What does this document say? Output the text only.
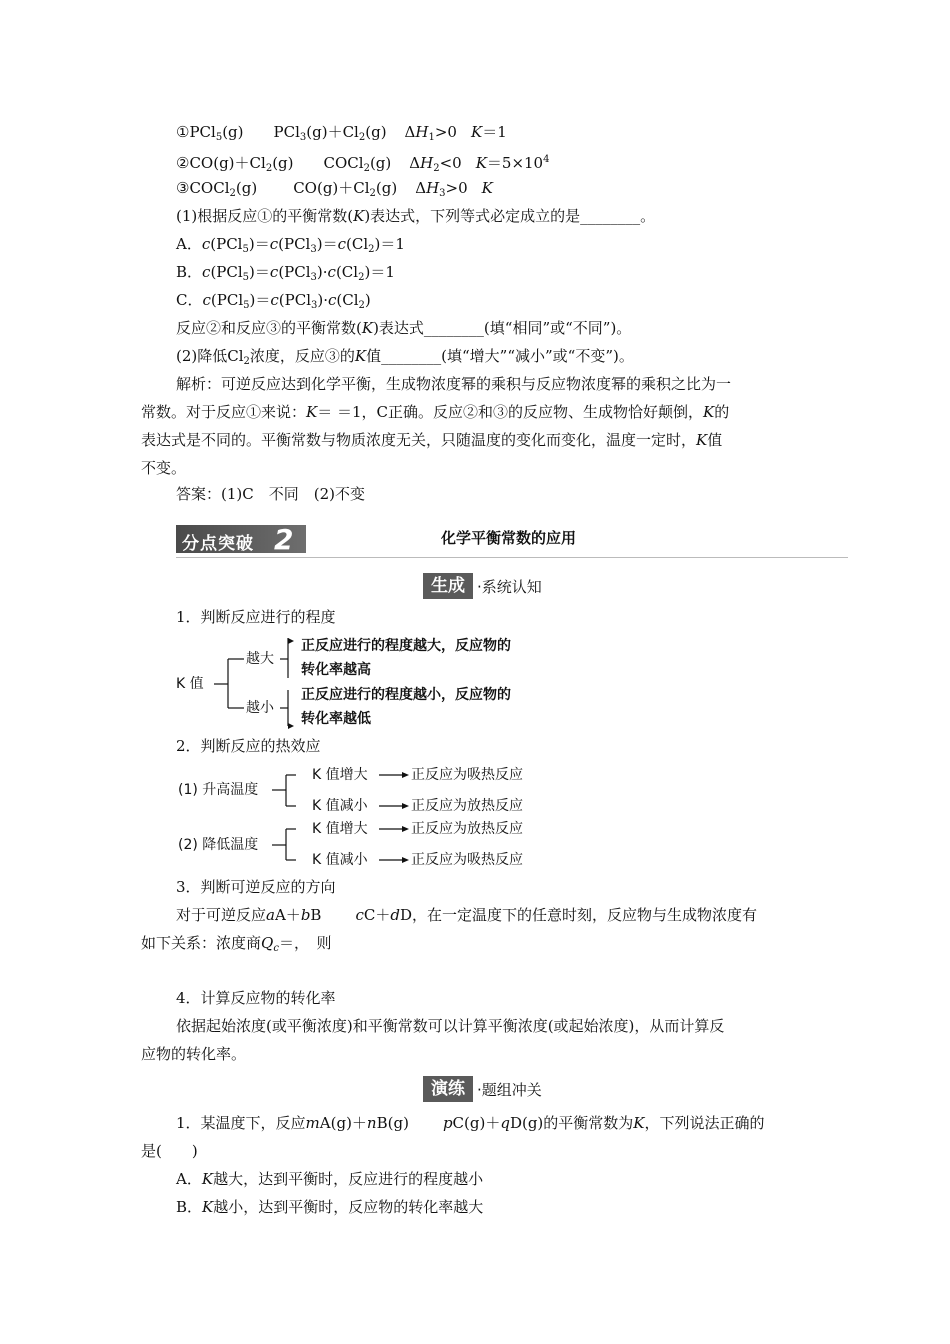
①PCl$_5$(g) $PCl_3(g)+Cl_2(g)$ $\Delta H_1>0$ K＝1
$②CO(g)+Cl_2(g)$ COCl$_2$(g) $\Delta H_2<0$ $K=5\times 10^4$
③COCl$_2$(g) $CO(g)+Cl_2(g)$ $\Delta H_3>0$ K
(1)根据反应①的平衡常数(K)表达式，下列等式必定成立的是________。
A．$c(PCl_5)=c(PCl_3)=c(Cl_2)=1$
B．$c(PCl_5)=c(PCl_3)\cdot c(Cl_2)=1$
C．$c(PCl_5)=c(PCl_3)\cdot c(Cl_2)$
反应②和反应③的平衡常数(K)表达式________(填“相同”或“不同”)。
(2)降低$Cl_2$浓度，反应③的K值________(填“增大”“减小”或“不变”)。
解析：可逆反应达到化学平衡，生成物浓度幂的乘积与反应物浓度幂的乘积之比为一
常数。对于反应①来说：K＝ ＝1，C正确。反应②和③的反应物、生成物恰好颠倒，K的
表达式是不同的。平衡常数与物质浓度无关，只随温度的变化而变化，温度一定时，K值
不变。
答案：(1)C　不同　(2)不变
分点突破 2	化学平衡常数的应用
生成 ·系统认知
1．判断反应进行的程度
K 值
越大
正反应进行的程度越大，反应物的
转化率越高
越小
正反应进行的程度越小，反应物的
转化率越低
2．判断反应的热效应
(1) 升高温度
K 值增大	正反应为吸热反应
K 值减小	正反应为放热反应
(2) 降低温度
K 值增大	正反应为放热反应
K 值减小	正反应为吸热反应
3．判断可逆反应的方向
对于可逆反应aA＋bB cC＋dD，在一定温度下的任意时刻，反应物与生成物浓度有
如下关系：浓度商$Q_c=$，　则
4．计算反应物的转化率
依据起始浓度(或平衡浓度)和平衡常数可以计算平衡浓度(或起始浓度)，从而计算反
应物的转化率。
演练 ·题组冲关
1．某温度下，反应mA(g)＋nB(g) pC(g)＋qD(g)的平衡常数为K，下列说法正确的
是(　　)
A．K越大，达到平衡时，反应进行的程度越小
B．K越小，达到平衡时，反应物的转化率越大
